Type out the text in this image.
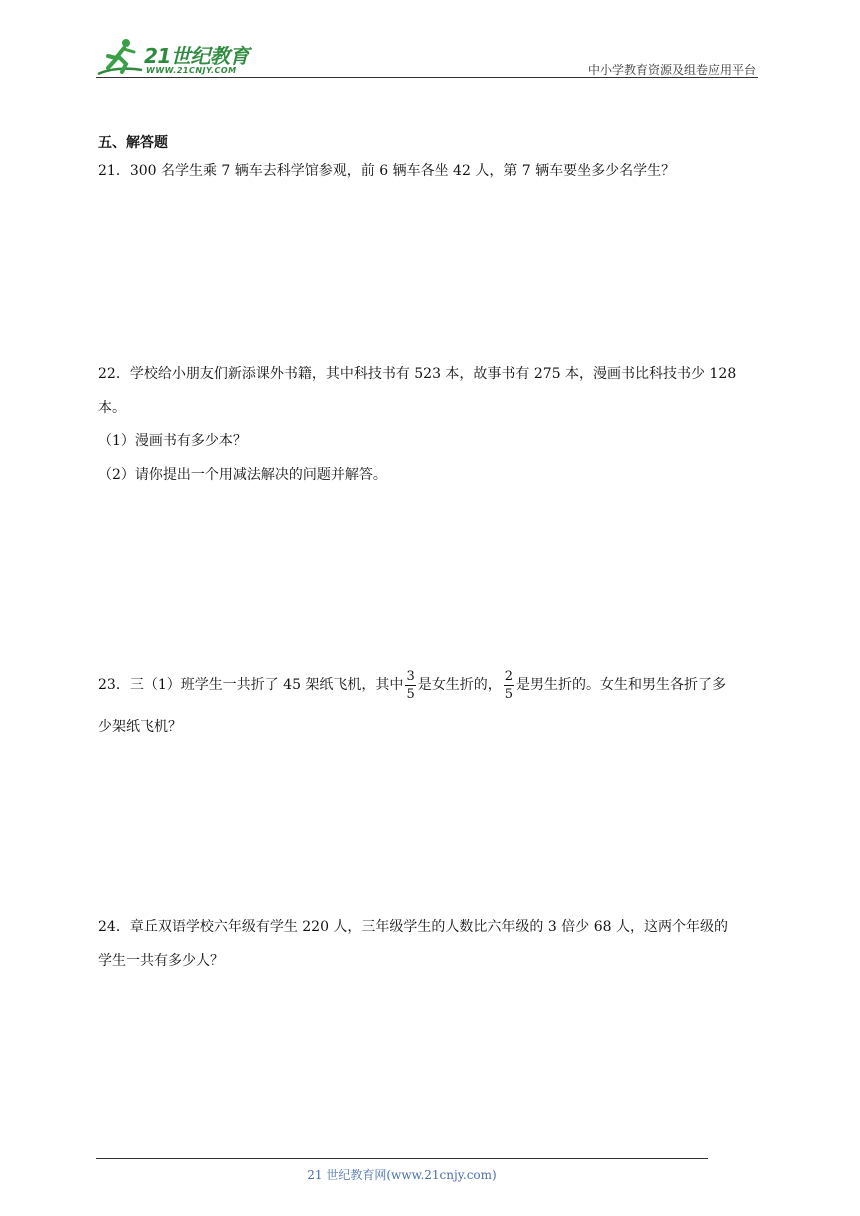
21世纪教育
WWW.21CNJY.COM	中小学教育资源及组卷应用平台
五、解答题
21．300 名学生乘 7 辆车去科学馆参观，前 6 辆车各坐 42 人，第 7 辆车要坐多少名学生？
22．学校给小朋友们新添课外书籍，其中科技书有 523 本，故事书有 275 本，漫画书比科技书少 128
本。
（1）漫画书有多少本？
（2）请你提出一个用减法解决的问题并解答。
23．三（1）班学生一共折了 45 架纸飞机，其中 $\frac{3}{5}$ 是女生折的， $\frac{2}{5}$ 是男生折的。女生和男生各折了多
少架纸飞机？
24．章丘双语学校六年级有学生 220 人，三年级学生的人数比六年级的 3 倍少 68 人，这两个年级的
学生一共有多少人？
21 世纪教育网(www.21cnjy.com)
